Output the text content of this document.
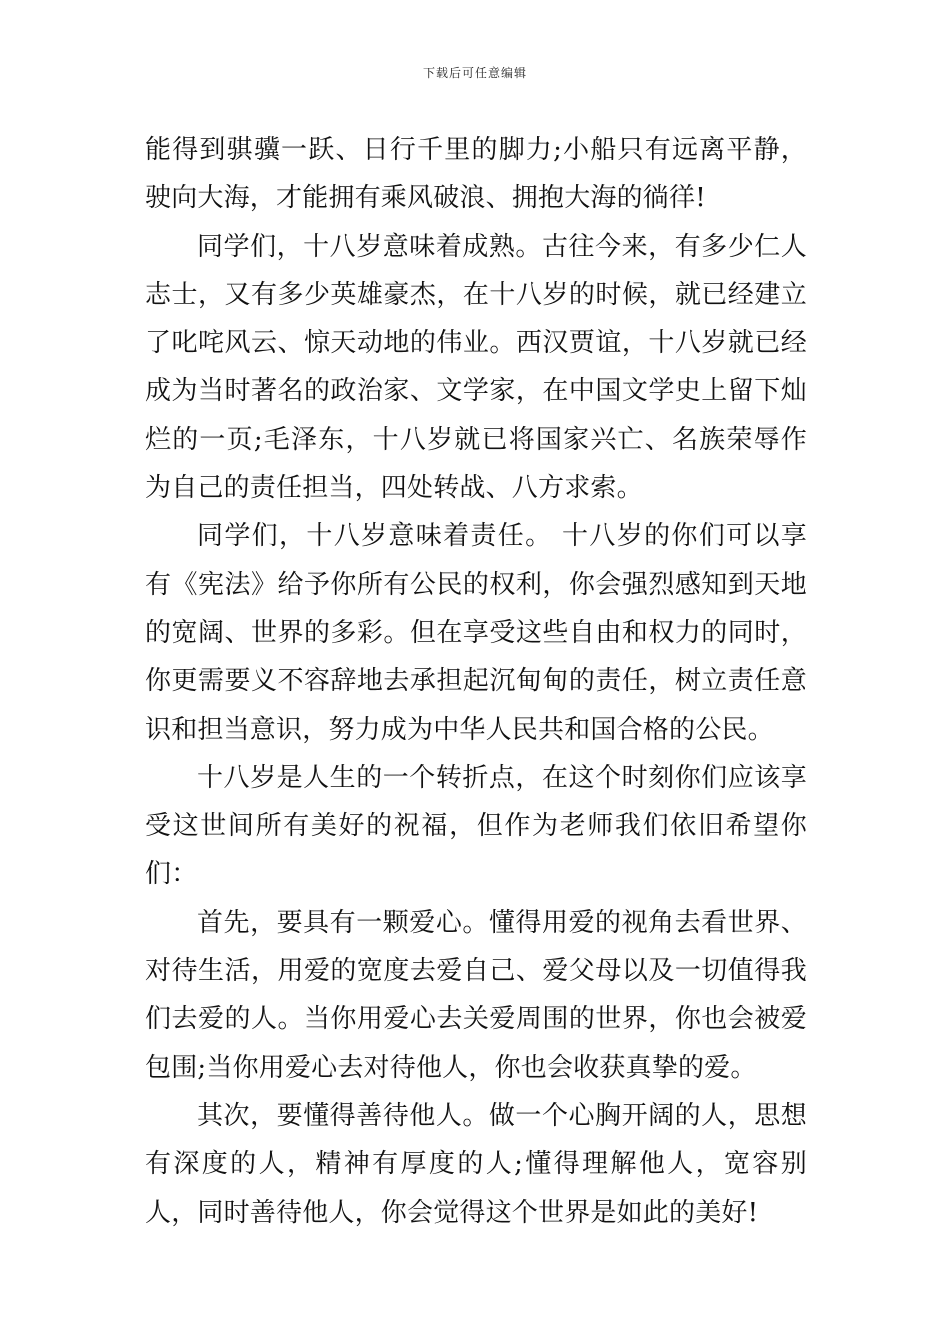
下载后可任意编辑

能得到骐骥一跃、日行千里的脚力;小船只有远离平静，驶向大海，才能拥有乘风破浪、拥抱大海的徜徉!

同学们，十八岁意味着成熟。古往今来，有多少仁人志士，又有多少英雄豪杰，在十八岁的时候，就已经建立了叱咤风云、惊天动地的伟业。西汉贾谊，十八岁就已经成为当时著名的政治家、文学家，在中国文学史上留下灿烂的一页;毛泽东，十八岁就已将国家兴亡、名族荣辱作为自己的责任担当，四处转战、八方求索。

同学们，十八岁意味着责任。 十八岁的你们可以享有《宪法》给予你所有公民的权利，你会强烈感知到天地的宽阔、世界的多彩。但在享受这些自由和权力的同时，你更需要义不容辞地去承担起沉甸甸的责任，树立责任意识和担当意识，努力成为中华人民共和国合格的公民。

十八岁是人生的一个转折点，在这个时刻你们应该享受这世间所有美好的祝福，但作为老师我们依旧希望你们：

首先，要具有一颗爱心。懂得用爱的视角去看世界、对待生活，用爱的宽度去爱自己、爱父母以及一切值得我们去爱的人。当你用爱心去关爱周围的世界，你也会被爱包围;当你用爱心去对待他人，你也会收获真挚的爱。

其次，要懂得善待他人。做一个心胸开阔的人，思想有深度的人，精神有厚度的人;懂得理解他人，宽容别人，同时善待他人，你会觉得这个世界是如此的美好!
